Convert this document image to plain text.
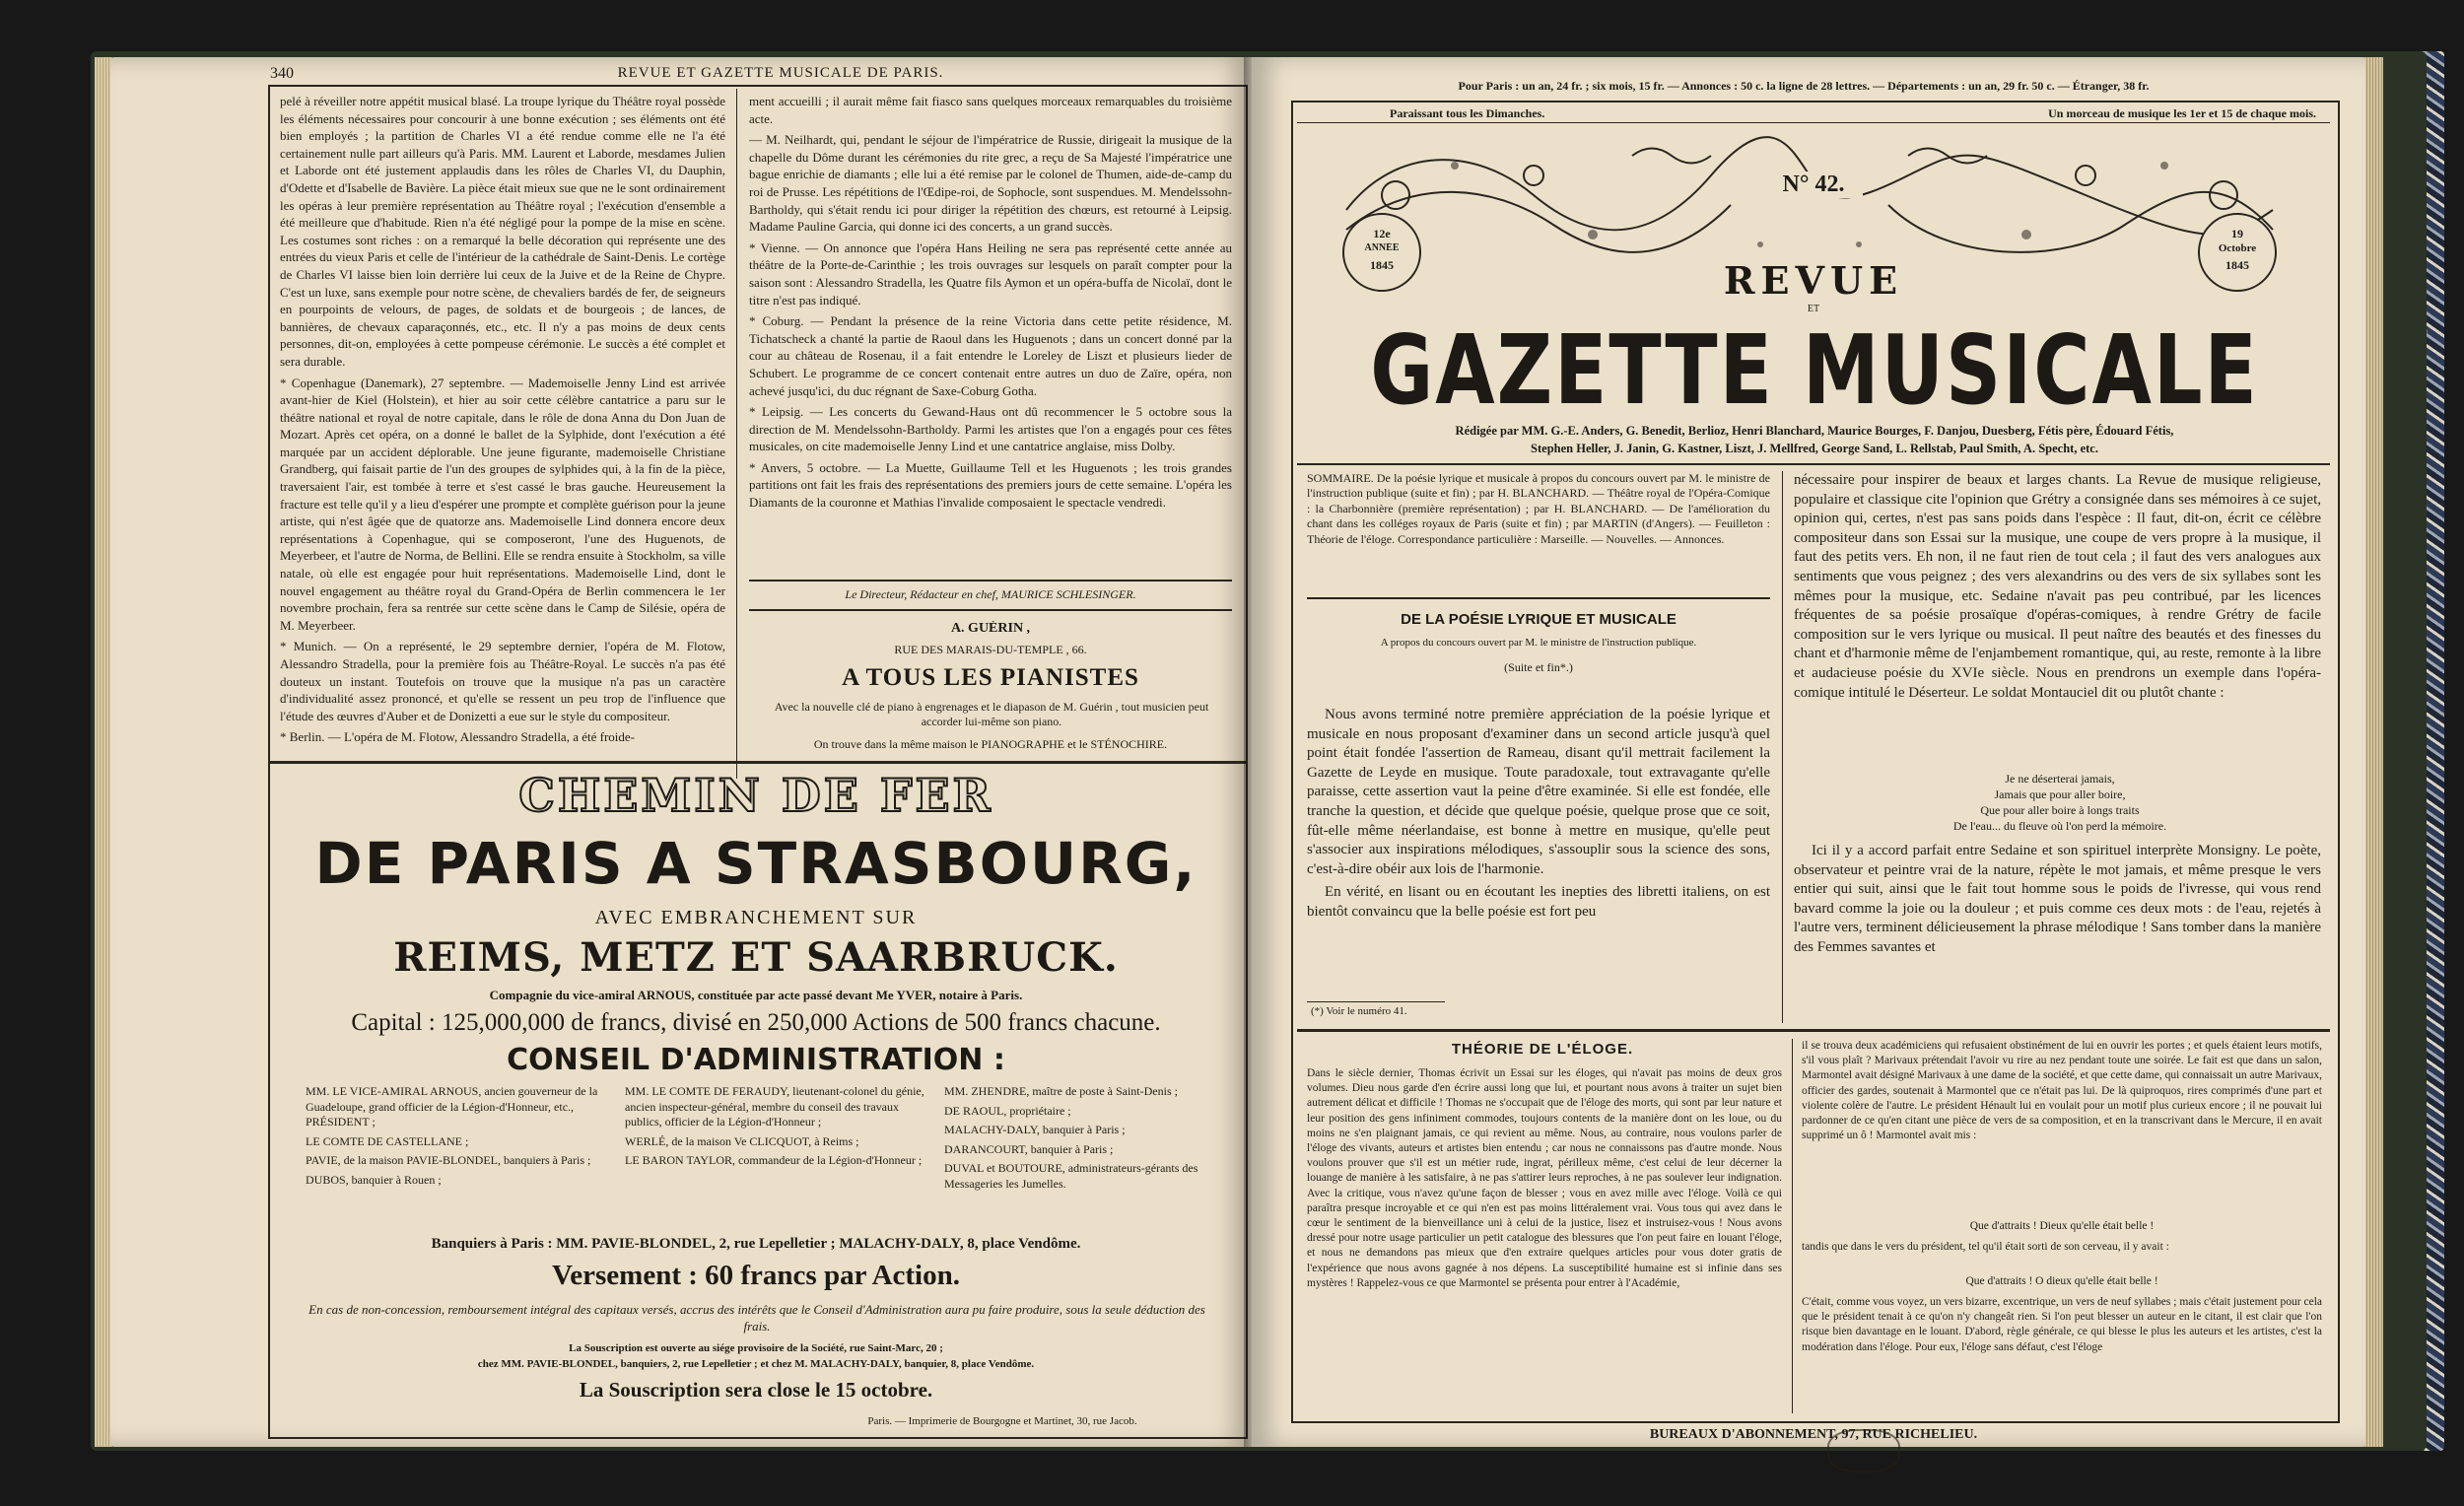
340	REVUE ET GAZETTE MUSICALE DE PARIS.

pelé à réveiller notre appétit musical blasé. La troupe lyrique du Théâtre royal possède les éléments nécessaires pour concourir à une bonne exécution ; ses éléments ont été bien employés ; la partition de Charles VI a été rendue comme elle ne l'a été certainement nulle part ailleurs qu'à Paris. MM. Laurent et Laborde, mesdames Julien et Laborde ont été justement applaudis dans les rôles de Charles VI, du Dauphin, d'Odette et d'Isabelle de Bavière. La pièce était mieux sue que ne le sont ordinairement les opéras à leur première représentation au Théâtre royal ; l'exécution d'ensemble a été meilleure que d'habitude. Rien n'a été négligé pour la pompe de la mise en scène. Les costumes sont riches : on a remarqué la belle décoration qui représente une des entrées du vieux Paris et celle de l'intérieur de la cathédrale de Saint-Denis. Le cortège de Charles VI laisse bien loin derrière lui ceux de la Juive et de la Reine de Chypre. C'est un luxe, sans exemple pour notre scène, de chevaliers bardés de fer, de seigneurs en pourpoints de velours, de pages, de soldats et de bourgeois ; de lances, de bannières, de chevaux caparaçonnés, etc., etc. Il n'y a pas moins de deux cents personnes, dit-on, employées à cette pompeuse cérémonie. Le succès a été complet et sera durable.

* Copenhague (Danemark), 27 septembre. — Mademoiselle Jenny Lind est arrivée avant-hier de Kiel (Holstein), et hier au soir cette célèbre cantatrice a paru sur le théâtre national et royal de notre capitale, dans le rôle de dona Anna du Don Juan de Mozart. Après cet opéra, on a donné le ballet de la Sylphide, dont l'exécution a été marquée par un accident déplorable. Une jeune figurante, mademoiselle Christiane Grandberg, qui faisait partie de l'un des groupes de sylphides qui, à la fin de la pièce, traversaient l'air, est tombée à terre et s'est cassé le bras gauche. Heureusement la fracture est telle qu'il y a lieu d'espérer une prompte et complète guérison pour la jeune artiste, qui n'est âgée que de quatorze ans. Mademoiselle Lind donnera encore deux représentations à Copenhague, qui se composeront, l'une des Huguenots, de Meyerbeer, et l'autre de Norma, de Bellini. Elle se rendra ensuite à Stockholm, sa ville natale, où elle est engagée pour huit représentations. Mademoiselle Lind, dont le nouvel engagement au théâtre royal du Grand-Opéra de Berlin commencera le 1er novembre prochain, fera sa rentrée sur cette scène dans le Camp de Silésie, opéra de M. Meyerbeer.

* Munich. — On a représenté, le 29 septembre dernier, l'opéra de M. Flotow, Alessandro Stradella, pour la première fois au Théâtre-Royal. Le succès n'a pas été douteux un instant. Toutefois on trouve que la musique n'a pas un caractère d'individualité assez prononcé, et qu'elle se ressent un peu trop de l'influence que l'étude des œuvres d'Auber et de Donizetti a eue sur le style du compositeur.

* Berlin. — L'opéra de M. Flotow, Alessandro Stradella, a été froide-

ment accueilli ; il aurait même fait fiasco sans quelques morceaux remarquables du troisième acte.

— M. Neilhardt, qui, pendant le séjour de l'impératrice de Russie, dirigeait la musique de la chapelle du Dôme durant les cérémonies du rite grec, a reçu de Sa Majesté l'impératrice une bague enrichie de diamants ; elle lui a été remise par le colonel de Thumen, aide-de-camp du roi de Prusse. Les répétitions de l'Œdipe-roi, de Sophocle, sont suspendues. M. Mendelssohn-Bartholdy, qui s'était rendu ici pour diriger la répétition des chœurs, est retourné à Leipsig. Madame Pauline Garcia, qui donne ici des concerts, a un grand succès.

* Vienne. — On annonce que l'opéra Hans Heiling ne sera pas représenté cette année au théâtre de la Porte-de-Carinthie ; les trois ouvrages sur lesquels on paraît compter pour la saison sont : Alessandro Stradella, les Quatre fils Aymon et un opéra-buffa de Nicolaï, dont le titre n'est pas indiqué.

* Coburg. — Pendant la présence de la reine Victoria dans cette petite résidence, M. Tichatscheck a chanté la partie de Raoul dans les Huguenots ; dans un concert donné par la cour au château de Rosenau, il a fait entendre le Loreley de Liszt et plusieurs lieder de Schubert. Le programme de ce concert contenait entre autres un duo de Zaïre, opéra, non achevé jusqu'ici, du duc régnant de Saxe-Coburg Gotha.

* Leipsig. — Les concerts du Gewand-Haus ont dû recommencer le 5 octobre sous la direction de M. Mendelssohn-Bartholdy. Parmi les artistes que l'on a engagés pour ces fêtes musicales, on cite mademoiselle Jenny Lind et une cantatrice anglaise, miss Dolby.

* Anvers, 5 octobre. — La Muette, Guillaume Tell et les Huguenots ; les trois grandes partitions ont fait les frais des représentations des premiers jours de cette semaine. L'opéra les Diamants de la couronne et Mathias l'invalide composaient le spectacle vendredi.

Le Directeur, Rédacteur en chef, MAURICE SCHLESINGER.
A. GUÉRIN ,
RUE DES MARAIS-DU-TEMPLE , 66.
A TOUS LES PIANISTES
Avec la nouvelle clé de piano à engrenages et le diapason de M. Guérin , tout musicien peut accorder lui-même son piano.
On trouve dans la même maison le PIANOGRAPHE et le STÉNOCHIRE.
CHEMIN DE FER
DE PARIS A STRASBOURG,
AVEC EMBRANCHEMENT SUR
REIMS, METZ ET SAARBRUCK.
Compagnie du vice-amiral ARNOUS, constituée par acte passé devant Me YVER, notaire à Paris.
Capital : 125,000,000 de francs, divisé en 250,000 Actions de 500 francs chacune.
CONSEIL D'ADMINISTRATION :

MM. LE VICE-AMIRAL ARNOUS, ancien gouverneur de la Guadeloupe, grand officier de la Légion-d'Honneur, etc., PRÉSIDENT ;

LE COMTE DE CASTELLANE ;

PAVIE, de la maison PAVIE-BLONDEL, banquiers à Paris ;

DUBOS, banquier à Rouen ;

MM. LE COMTE DE FERAUDY, lieutenant-colonel du génie, ancien inspecteur-général, membre du conseil des travaux publics, officier de la Légion-d'Honneur ;

WERLÉ, de la maison Ve CLICQUOT, à Reims ;

LE BARON TAYLOR, commandeur de la Légion-d'Honneur ;

MM. ZHENDRE, maître de poste à Saint-Denis ;

DE RAOUL, propriétaire ;

MALACHY-DALY, banquier à Paris ;

DARANCOURT, banquier à Paris ;

DUVAL et BOUTOURE, administrateurs-gérants des Messageries les Jumelles.

Banquiers à Paris : MM. PAVIE-BLONDEL, 2, rue Lepelletier ; MALACHY-DALY, 8, place Vendôme.
Versement : 60 francs par Action.
En cas de non-concession, remboursement intégral des capitaux versés, accrus des intérêts que le Conseil d'Administration aura pu faire produire, sous la seule déduction des frais.
La Souscription est ouverte au siége provisoire de la Société, rue Saint-Marc, 20 ;
chez MM. PAVIE-BLONDEL, banquiers, 2, rue Lepelletier ; et chez M. MALACHY-DALY, banquier, 8, place Vendôme.
La Souscription sera close le 15 octobre.
Paris. — Imprimerie de Bourgogne et Martinet, 30, rue Jacob.
Pour Paris : un an, 24 fr. ; six mois, 15 fr. — Annonces : 50 c. la ligne de 28 lettres. — Départements : un an, 29 fr. 50 c. — Étranger, 38 fr.
Paraissant tous les Dimanches.	Un morceau de musique les 1er et 15 de chaque mois.
N° 42.
12e
ANNÉE
1845
19
Octobre
1845
REVUE
ET
GAZETTE MUSICALE
Rédigée par MM. G.-E. Anders, G. Benedit, Berlioz, Henri Blanchard, Maurice Bourges, F. Danjou, Duesberg, Fétis père, Édouard Fétis,
Stephen Heller, J. Janin, G. Kastner, Liszt, J. Mellfred, George Sand, L. Rellstab, Paul Smith, A. Specht, etc.
SOMMAIRE. De la poésie lyrique et musicale à propos du concours ouvert par M. le ministre de l'instruction publique (suite et fin) ; par H. BLANCHARD. — Théâtre royal de l'Opéra-Comique : la Charbonnière (première représentation) ; par H. BLANCHARD. — De l'amélioration du chant dans les colléges royaux de Paris (suite et fin) ; par MARTIN (d'Angers). — Feuilleton : Théorie de l'éloge. Correspondance particulière : Marseille. — Nouvelles. — Annonces.
DE LA POÉSIE LYRIQUE ET MUSICALE
A propos du concours ouvert par M. le ministre de l'instruction publique.
(Suite et fin*.)

Nous avons terminé notre première appréciation de la poésie lyrique et musicale en nous proposant d'examiner dans un second article jusqu'à quel point était fondée l'assertion de Rameau, disant qu'il mettrait facilement la Gazette de Leyde en musique. Toute paradoxale, tout extravagante qu'elle paraisse, cette assertion vaut la peine d'être examinée. Si elle est fondée, elle tranche la question, et décide que quelque poésie, quelque prose que ce soit, fût-elle même néerlandaise, est bonne à mettre en musique, qu'elle peut s'associer aux inspirations mélodiques, s'assouplir sous la science des sons, c'est-à-dire obéir aux lois de l'harmonie.

En vérité, en lisant ou en écoutant les inepties des libretti italiens, on est bientôt convaincu que la belle poésie est fort peu

(*) Voir le numéro 41.
nécessaire pour inspirer de beaux et larges chants. La Revue de musique religieuse, populaire et classique cite l'opinion que Grétry a consignée dans ses mémoires à ce sujet, opinion qui, certes, n'est pas sans poids dans l'espèce : Il faut, dit-on, écrit ce célèbre compositeur dans son Essai sur la musique, une coupe de vers propre à la musique, il faut des petits vers. Eh non, il ne faut rien de tout cela ; il faut des vers analogues aux sentiments que vous peignez ; des vers alexandrins ou des vers de six syllabes sont les mêmes pour la musique, etc. Sedaine n'avait pas peu contribué, par les licences fréquentes de sa poésie prosaïque d'opéras-comiques, à rendre Grétry de facile composition sur le vers lyrique ou musical. Il peut naître des beautés et des finesses du chant et d'harmonie même de l'enjambement romantique, qui, au reste, remonte à la libre et audacieuse poésie du XVIe siècle. Nous en prendrons un exemple dans l'opéra-comique intitulé le Déserteur. Le soldat Montauciel dit ou plutôt chante :

Je ne déserterai jamais,

Jamais que pour aller boire,

Que pour aller boire à longs traits

De l'eau... du fleuve où l'on perd la mémoire.

Ici il y a accord parfait entre Sedaine et son spirituel interprète Monsigny. Le poète, observateur et peintre vrai de la nature, répète le mot jamais, et même presque le vers entier qui suit, ainsi que le fait tout homme sous le poids de l'ivresse, qui vous rend bavard comme la joie ou la douleur ; et puis comme ces deux mots : de l'eau, rejetés à l'autre vers, terminent délicieusement la phrase mélodique ! Sans tomber dans la manière des Femmes savantes et
THÉORIE DE L'ÉLOGE.
Dans le siècle dernier, Thomas écrivit un Essai sur les éloges, qui n'avait pas moins de deux gros volumes. Dieu nous garde d'en écrire aussi long que lui, et pourtant nous avons à traiter un sujet bien autrement délicat et difficile ! Thomas ne s'occupait que de l'éloge des morts, qui sont par leur nature et leur position des gens infiniment commodes, toujours contents de la manière dont on les loue, ou du moins ne s'en plaignant jamais, ce qui revient au même. Nous, au contraire, nous voulons parler de l'éloge des vivants, auteurs et artistes bien entendu ; car nous ne connaissons pas d'autre monde. Nous voulons prouver que s'il est un métier rude, ingrat, périlleux même, c'est celui de leur décerner la louange de manière à les satisfaire, à ne pas s'attirer leurs reproches, à ne pas soulever leur indignation. Avec la critique, vous n'avez qu'une façon de blesser ; vous en avez mille avec l'éloge. Voilà ce qui paraîtra presque incroyable et ce qui n'en est pas moins littéralement vrai. Vous tous qui avez dans le cœur le sentiment de la bienveillance uni à celui de la justice, lisez et instruisez-vous ! Nous avons dressé pour notre usage particulier un petit catalogue des blessures que l'on peut faire en louant l'éloge, et nous ne demandons pas mieux que d'en extraire quelques articles pour vous doter gratis de l'expérience que nous avons gagnée à nos dépens. La susceptibilité humaine est si infinie dans ses mystères ! Rappelez-vous ce que Marmontel se présenta pour entrer à l'Académie,
il se trouva deux académiciens qui refusaient obstinément de lui en ouvrir les portes ; et quels étaient leurs motifs, s'il vous plaît ? Marivaux prétendait l'avoir vu rire au nez pendant toute une soirée. Le fait est que dans un salon, Marmontel avait désigné Marivaux à une dame de la société, et que cette dame, qui connaissait un autre Marivaux, officier des gardes, soutenait à Marmontel que ce n'était pas lui. De là quiproquos, rires comprimés d'une part et violente colère de l'autre. Le président Hénault lui en voulait pour un motif plus curieux encore ; il ne pouvait lui pardonner de ce qu'en citant une pièce de vers de sa composition, et en la transcrivant dans le Mercure, il en avait supprimé un ô ! Marmontel avait mis :
Que d'attraits ! Dieux qu'elle était belle !
tandis que dans le vers du président, tel qu'il était sorti de son cerveau, il y avait :
Que d'attraits ! O dieux qu'elle était belle !
C'était, comme vous voyez, un vers bizarre, excentrique, un vers de neuf syllabes ; mais c'était justement pour cela que le président tenait à ce qu'on n'y changeât rien. Si l'on peut blesser un auteur en le citant, il est clair que l'on risque bien davantage en le louant. D'abord, règle générale, ce qui blesse le plus les auteurs et les artistes, c'est la modération dans l'éloge. Pour eux, l'éloge sans défaut, c'est l'éloge
BUREAUX D'ABONNEMENT, 97, RUE RICHELIEU.
